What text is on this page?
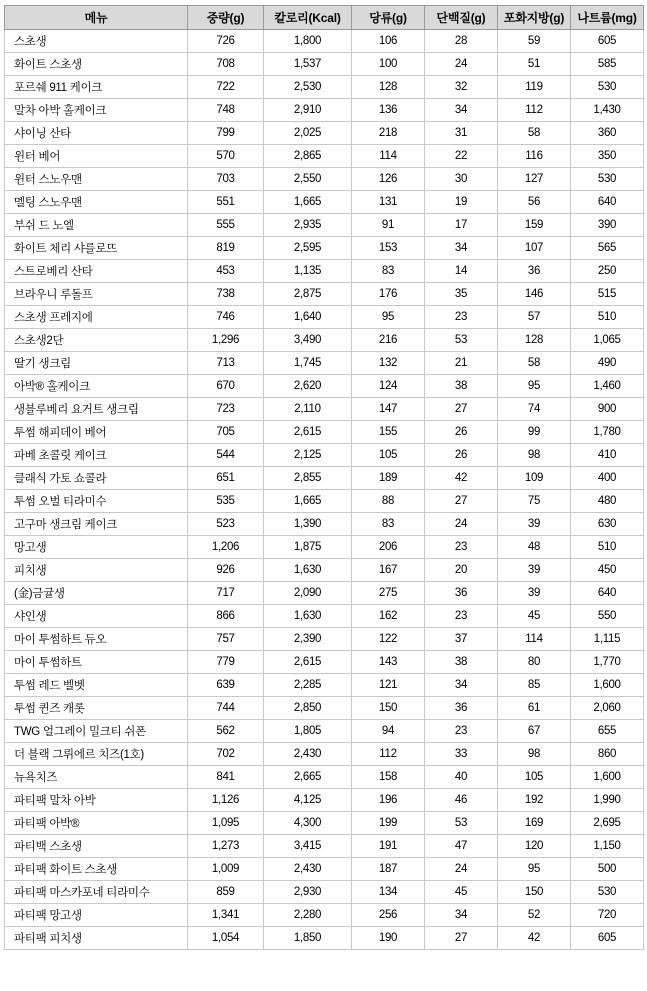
메뉴	중량(g)	칼로리(Kcal)	당류(g)	단백질(g)	포화지방(g)	나트륨(mg)
스초생	726	1,800	106	28	59	605
화이트 스초생	708	1,537	100	24	51	585
포르쉐 911 케이크	722	2,530	128	32	119	530
말차 아박 홀케이크	748	2,910	136	34	112	1,430
샤이닝 산타	799	2,025	218	31	58	360
윈터 베어	570	2,865	114	22	116	350
윈터 스노우맨	703	2,550	126	30	127	530
멜팅 스노우맨	551	1,665	131	19	56	640
부쉬 드 노엘	555	2,935	91	17	159	390
화이트 체리 샤를로뜨	819	2,595	153	34	107	565
스트로베리 산타	453	1,135	83	14	36	250
브라우니 루돌프	738	2,875	176	35	146	515
스초생 프레지에	746	1,640	95	23	57	510
스초생2단	1,296	3,490	216	53	128	1,065
딸기 생크림	713	1,745	132	21	58	490
아박® 홀케이크	670	2,620	124	38	95	1,460
생블루베리 요거트 생크림	723	2,110	147	27	74	900
투썸 해피데이 베어	705	2,615	155	26	99	1,780
파베 초콜릿 케이크	544	2,125	105	26	98	410
클래식 가토 쇼콜라	651	2,855	189	42	109	400
투썸 오벌 티라미수	535	1,665	88	27	75	480
고구마 생크림 케이크	523	1,390	83	24	39	630
망고생	1,206	1,875	206	23	48	510
피치생	926	1,630	167	20	39	450
(金)금귤생	717	2,090	275	36	39	640
샤인생	866	1,630	162	23	45	550
마이 투썸하트 듀오	757	2,390	122	37	114	1,115
마이 투썸하트	779	2,615	143	38	80	1,770
투썸 레드 벨벳	639	2,285	121	34	85	1,600
투썸 퀸즈 캐롯	744	2,850	150	36	61	2,060
TWG 얼그레이 밀크티 쉬폰	562	1,805	94	23	67	655
더 블랙 그뤼에르 치즈(1호)	702	2,430	112	33	98	860
뉴욕치즈	841	2,665	158	40	105	1,600
파티팩 말차 아박	1,126	4,125	196	46	192	1,990
파티팩 아박®	1,095	4,300	199	53	169	2,695
파티백 스초생	1,273	3,415	191	47	120	1,150
파티팩 화이트 스초생	1,009	2,430	187	24	95	500
파티팩 마스카포네 티라미수	859	2,930	134	45	150	530
파티팩 망고생	1,341	2,280	256	34	52	720
파티팩 피치생	1,054	1,850	190	27	42	605
